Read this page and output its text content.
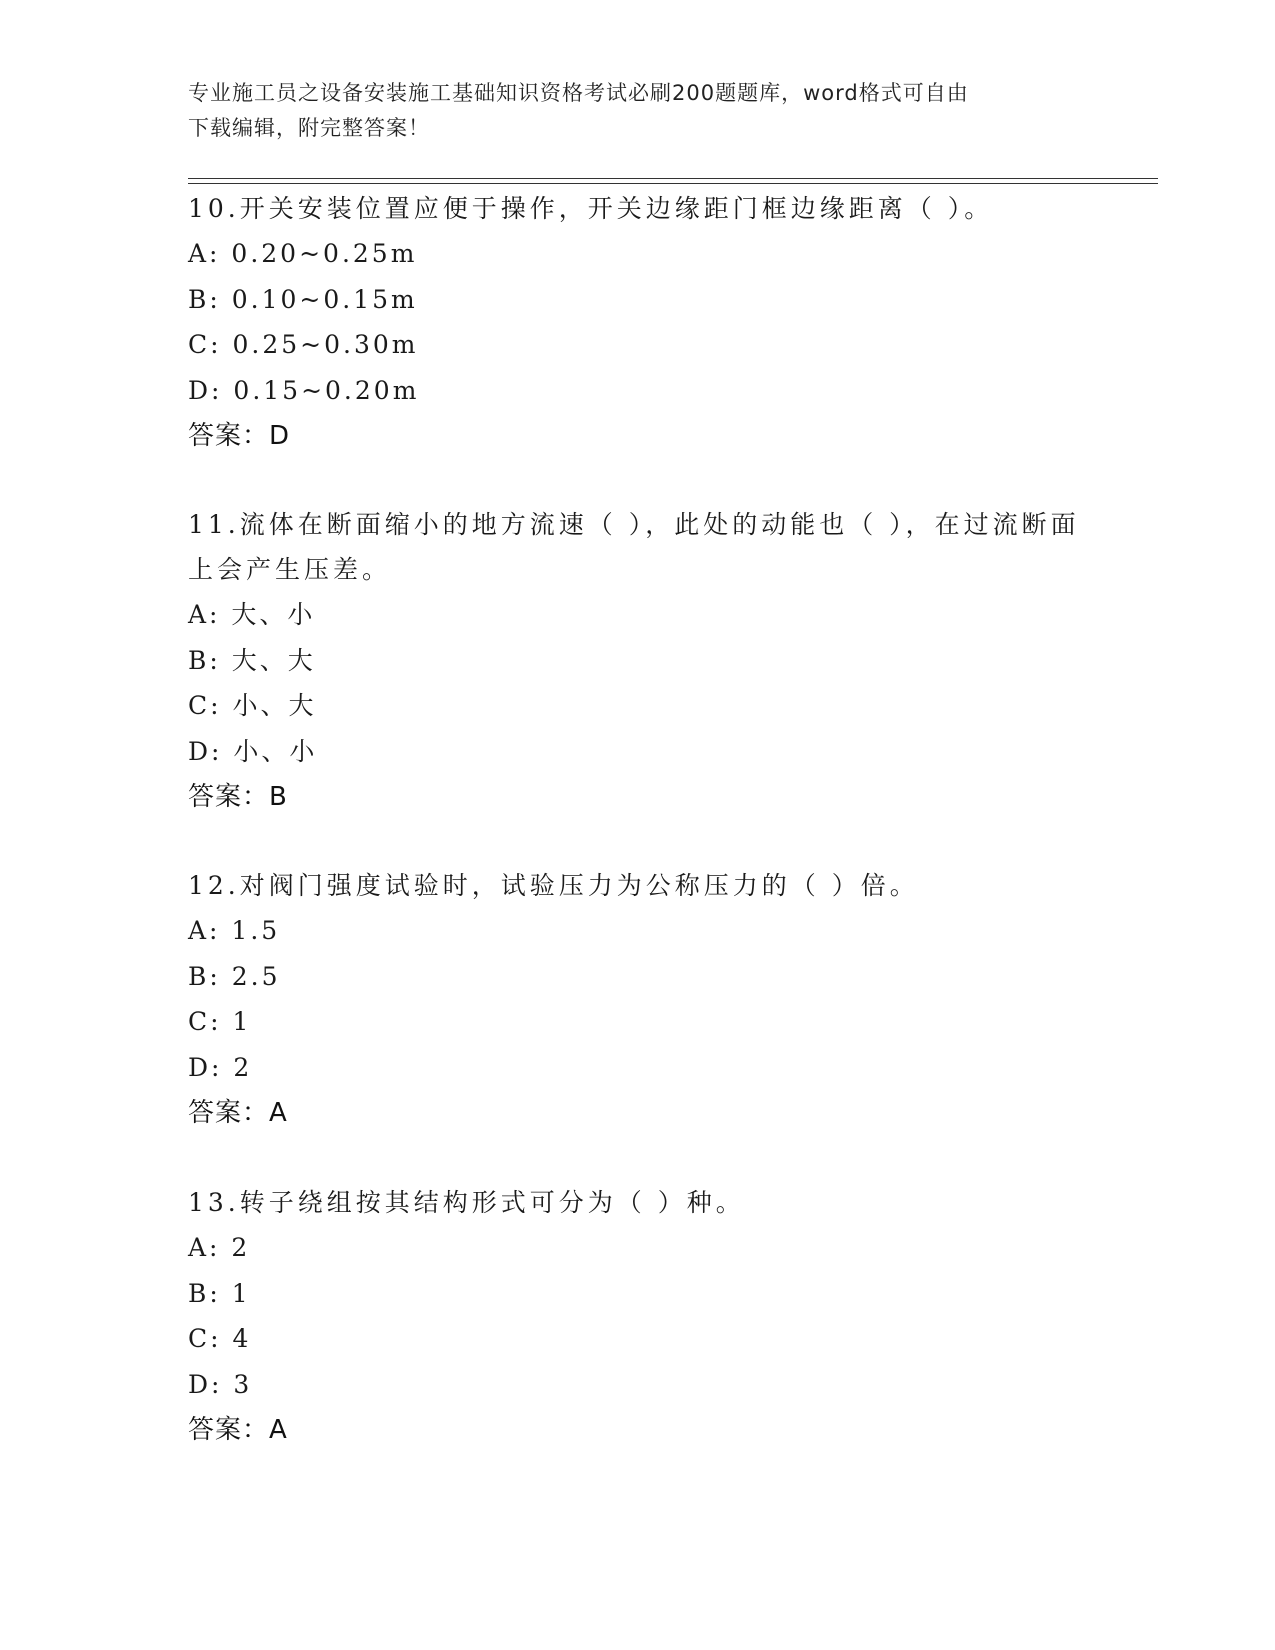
专业施工员之设备安装施工基础知识资格考试必刷200题题库，word格式可自由
下载编辑，附完整答案！

10.开关安装位置应便于操作，开关边缘距门框边缘距离（ ）。

A: 0.20~0.25m

B: 0.10~0.15m

C: 0.25~0.30m

D: 0.15~0.20m

答案：D

11.流体在断面缩小的地方流速（ ），此处的动能也（ ），在过流断面上会产生压差。

A: 大、小

B: 大、大

C: 小、大

D: 小、小

答案：B

12.对阀门强度试验时，试验压力为公称压力的（ ）倍。

A: 1.5

B: 2.5

C: 1

D: 2

答案：A

13.转子绕组按其结构形式可分为（ ）种。

A: 2

B: 1

C: 4

D: 3

答案：A
